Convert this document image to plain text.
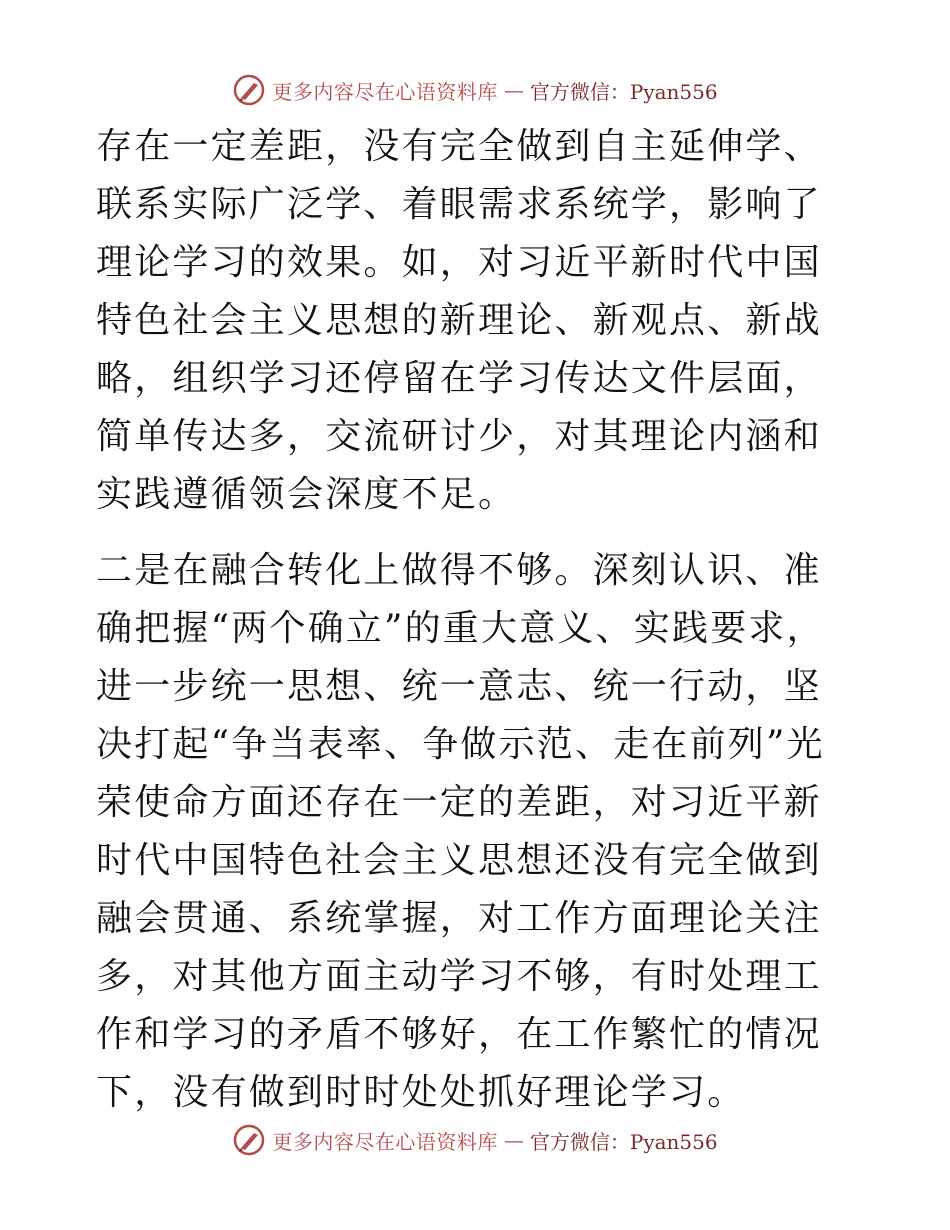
更多内容尽在心语资料库 — 官方微信：Pyan556

存在一定差距，没有完全做到自主延伸学、联系实际广泛学、着眼需求系统学，影响了理论学习的效果。如，对习近平新时代中国特色社会主义思想的新理论、新观点、新战略，组织学习还停留在学习传达文件层面，简单传达多，交流研讨少，对其理论内涵和实践遵循领会深度不足。

二是在融合转化上做得不够。深刻认识、准确把握“两个确立”的重大意义、实践要求，进一步统一思想、统一意志、统一行动，坚决打起“争当表率、争做示范、走在前列”光荣使命方面还存在一定的差距，对习近平新时代中国特色社会主义思想还没有完全做到融会贯通、系统掌握，对工作方面理论关注多，对其他方面主动学习不够，有时处理工作和学习的矛盾不够好，在工作繁忙的情况下，没有做到时时处处抓好理论学习。

更多内容尽在心语资料库 — 官方微信：Pyan556
